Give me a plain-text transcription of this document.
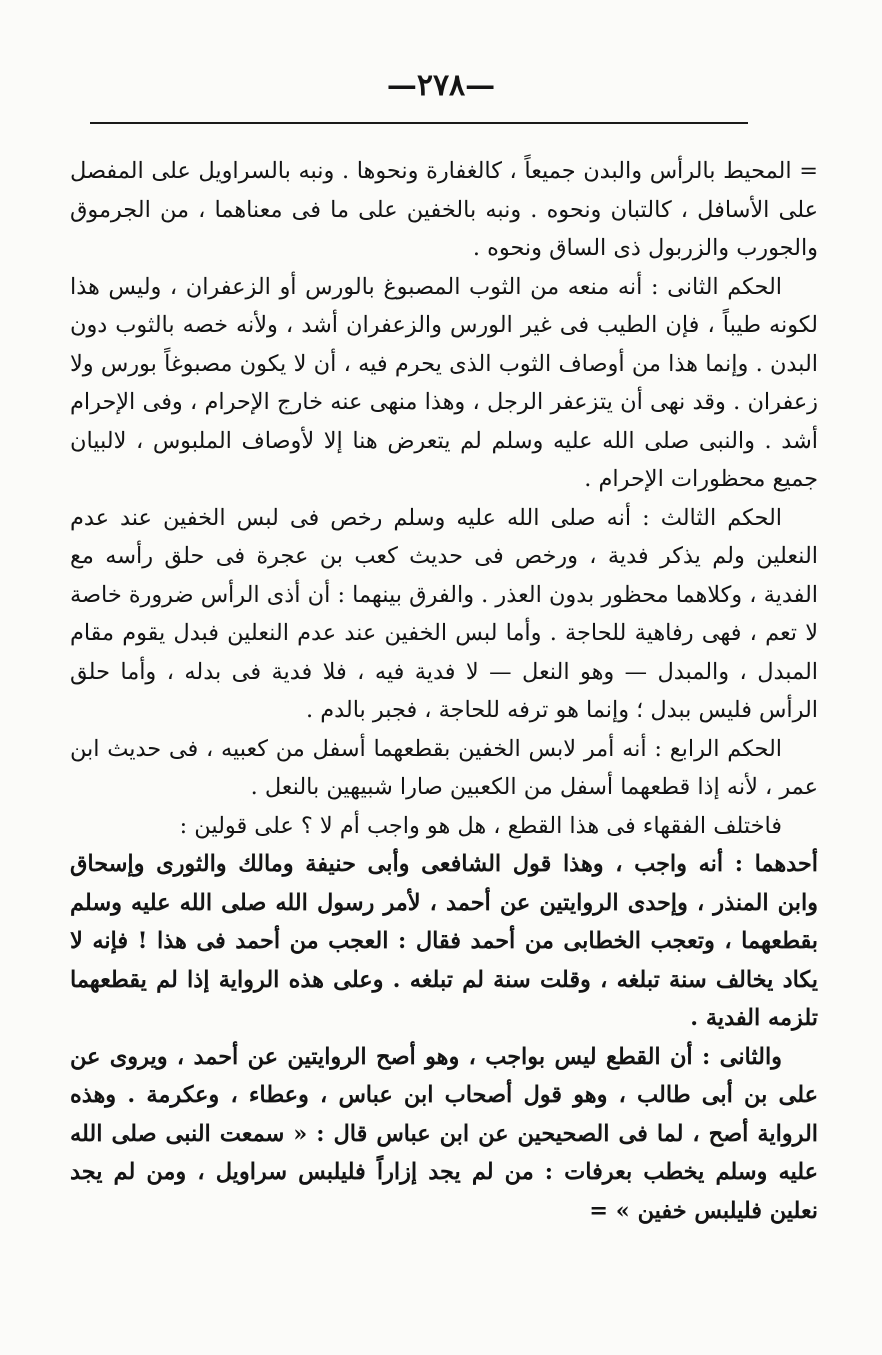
—٢٧٨—

= المحيط بالرأس والبدن جميعاً ، كالغفارة ونحوها . ونبه بالسراويل على المفصل على الأسافل ، كالتبان ونحوه . ونبه بالخفين على ما فى معناهما ، من الجرموق والجورب والزربول ذى الساق ونحوه .

الحكم الثانى : أنه منعه من الثوب المصبوغ بالورس أو الزعفران ، وليس هذا لكونه طيباً ، فإن الطيب فى غير الورس والزعفران أشد ، ولأنه خصه بالثوب دون البدن . وإنما هذا من أوصاف الثوب الذى يحرم فيه ، أن لا يكون مصبوغاً بورس ولا زعفران . وقد نهى أن يتزعفر الرجل ، وهذا منهى عنه خارج الإحرام ، وفى الإحرام أشد . والنبى صلى الله عليه وسلم لم يتعرض هنا إلا لأوصاف الملبوس ، لالبيان جميع محظورات الإحرام .

الحكم الثالث : أنه صلى الله عليه وسلم رخص فى لبس الخفين عند عدم النعلين ولم يذكر فدية ، ورخص فى حديث كعب بن عجرة فى حلق رأسه مع الفدية ، وكلاهما محظور بدون العذر . والفرق بينهما : أن أذى الرأس ضرورة خاصة لا تعم ، فهى رفاهية للحاجة . وأما لبس الخفين عند عدم النعلين فبدل يقوم مقام المبدل ، والمبدل — وهو النعل — لا فدية فيه ، فلا فدية فى بدله ، وأما حلق الرأس فليس ببدل ؛ وإنما هو ترفه للحاجة ، فجبر بالدم .

الحكم الرابع : أنه أمر لابس الخفين بقطعهما أسفل من كعبيه ، فى حديث ابن عمر ، لأنه إذا قطعهما أسفل من الكعبين صارا شبيهين بالنعل .

فاختلف الفقهاء فى هذا القطع ، هل هو واجب أم لا ؟ على قولين :

أحدهما : أنه واجب ، وهذا قول الشافعى وأبى حنيفة ومالك والثورى وإسحاق وابن المنذر ، وإحدى الروايتين عن أحمد ، لأمر رسول الله صلى الله عليه وسلم بقطعهما ، وتعجب الخطابى من أحمد فقال : العجب من أحمد فى هذا ! فإنه لا يكاد يخالف سنة تبلغه ، وقلت سنة لم تبلغه . وعلى هذه الرواية إذا لم يقطعهما تلزمه الفدية .

والثانى : أن القطع ليس بواجب ، وهو أصح الروايتين عن أحمد ، ويروى عن على بن أبى طالب ، وهو قول أصحاب ابن عباس ، وعطاء ، وعكرمة . وهذه الرواية أصح ، لما فى الصحيحين عن ابن عباس قال : « سمعت النبى صلى الله عليه وسلم يخطب بعرفات : من لم يجد إزاراً فليلبس سراويل ، ومن لم يجد نعلين فليلبس خفين » =
